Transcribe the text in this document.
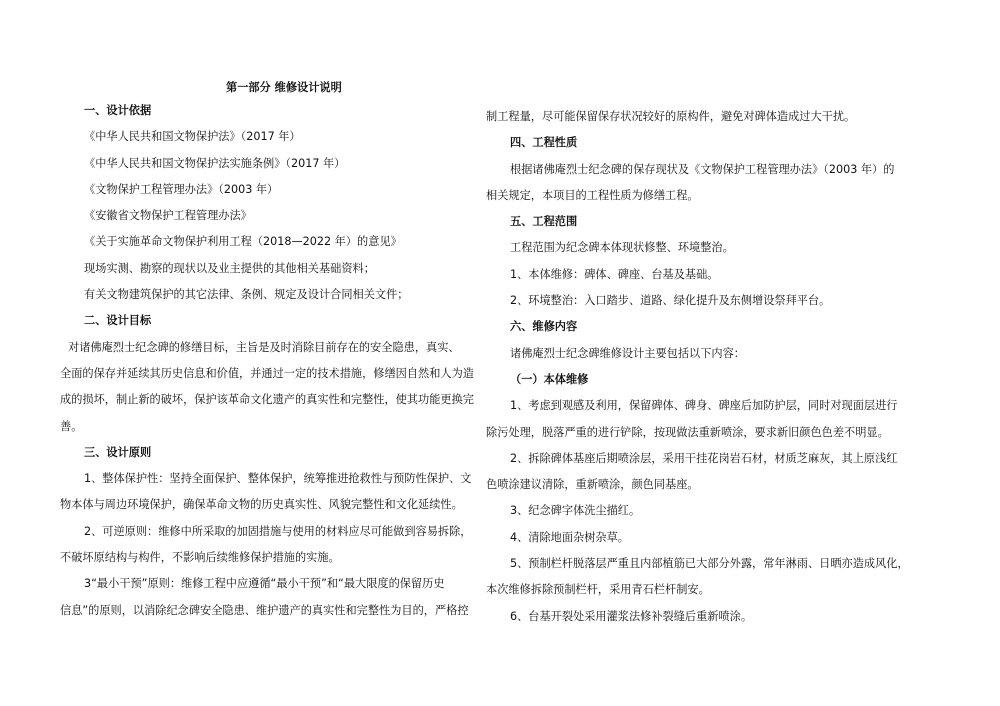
第一部分 维修设计说明

一、设计依据

《中华人民共和国文物保护法》（2017 年）

《中华人民共和国文物保护法实施条例》（2017 年）

《文物保护工程管理办法》（2003 年）

《安徽省文物保护工程管理办法》

《关于实施革命文物保护利用工程（2018—2022 年）的意见》

现场实测、勘察的现状以及业主提供的其他相关基础资料；

有关文物建筑保护的其它法律、条例、规定及设计合同相关文件；

二、设计目标

对诸佛庵烈士纪念碑的修缮目标，主旨是及时消除目前存在的安全隐患，真实、

全面的保存并延续其历史信息和价值，并通过一定的技术措施，修缮因自然和人为造

成的损坏，制止新的破坏，保护该革命文化遗产的真实性和完整性，使其功能更换完

善。

三、设计原则

1、整体保护性：坚持全面保护、整体保护，统筹推进抢救性与预防性保护、文

物本体与周边环境保护，确保革命文物的历史真实性、风貌完整性和文化延续性。

2、可逆原则：维修中所采取的加固措施与使用的材料应尽可能做到容易拆除，

不破坏原结构与构件，不影响后续维修保护措施的实施。

3“最小干预”原则：维修工程中应遵循“最小干预”和“最大限度的保留历史

信息”的原则，以消除纪念碑安全隐患、维护遗产的真实性和完整性为目的，严格控

制工程量，尽可能保留保存状况较好的原构件，避免对碑体造成过大干扰。

四、工程性质

根据诸佛庵烈士纪念碑的保存现状及《文物保护工程管理办法》（2003 年）的

相关规定，本项目的工程性质为修缮工程。

五、工程范围

工程范围为纪念碑本体现状修整、环境整治。

1、本体维修：碑体、碑座、台基及基础。

2、环境整治：入口踏步、道路、绿化提升及东侧增设祭拜平台。

六、维修内容

诸佛庵烈士纪念碑维修设计主要包括以下内容：

（一）本体维修

1、考虑到观感及利用，保留碑体、碑身、碑座后加防护层，同时对现面层进行

除污处理，脱落严重的进行铲除，按现做法重新喷涂，要求新旧颜色色差不明显。

2、拆除碑体基座后期喷涂层，采用干挂花岗岩石材，材质芝麻灰，其上原浅红

色喷涂建议清除，重新喷涂，颜色同基座。

3、纪念碑字体洗尘描红。

4、清除地面杂树杂草。

5、预制栏杆脱落层严重且内部植筋已大部分外露，常年淋雨、日晒亦造成风化，

本次维修拆除预制栏杆，采用青石栏杆制安。

6、台基开裂处采用灌浆法修补裂缝后重新喷涂。
